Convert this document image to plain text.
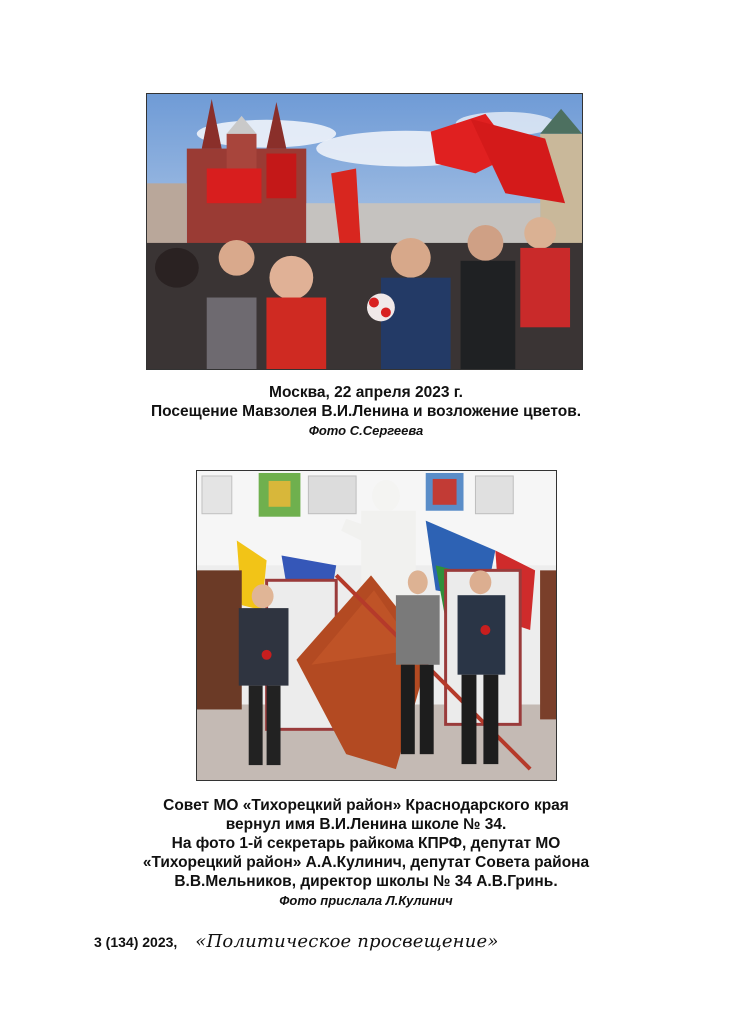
Москва, 22 апреля 2023 г.
Посещение Мавзолея В.И.Ленина и возложение цветов.
Фото С.Сергеева
Совет МО «Тихорецкий район» Краснодарского края
вернул имя В.И.Ленина школе № 34.
На фото 1-й секретарь райкома КПРФ, депутат МО
«Тихорецкий район» А.А.Кулинич, депутат Совета района
В.В.Мельников, директор школы № 34 А.В.Гринь.
Фото прислала Л.Кулинич
3 (134) 2023, «Политическое просвещение»
